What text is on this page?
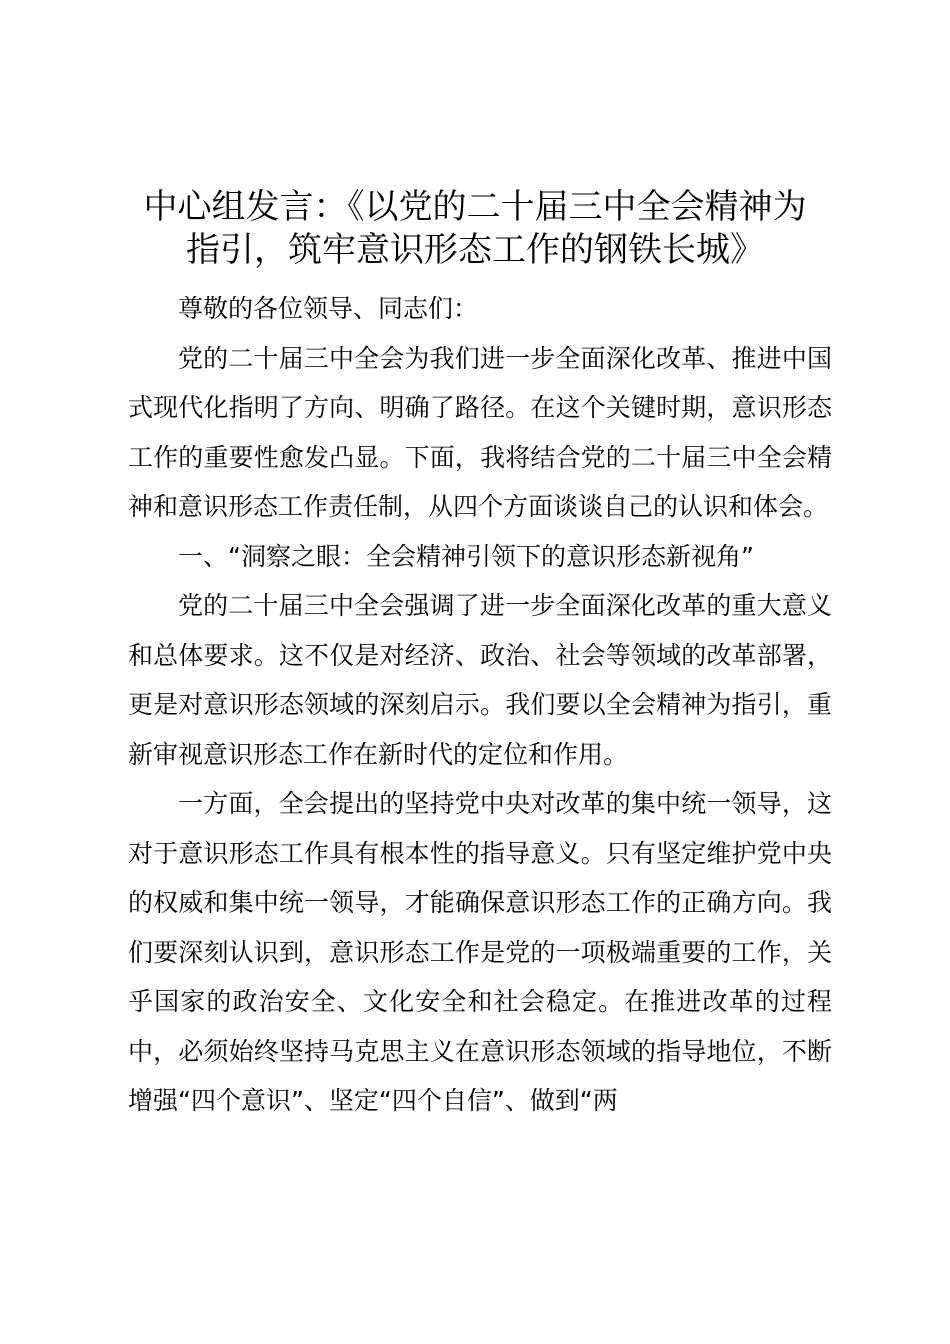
中心组发言：《以党的二十届三中全会精神为
指引，筑牢意识形态工作的钢铁长城》

尊敬的各位领导、同志们：

党的二十届三中全会为我们进一步全面深化改革、推进中国式现代化指明了方向、明确了路径。在这个关键时期，意识形态工作的重要性愈发凸显。下面，我将结合党的二十届三中全会精神和意识形态工作责任制，从四个方面谈谈自己的认识和体会。

一、“洞察之眼：全会精神引领下的意识形态新视角”

党的二十届三中全会强调了进一步全面深化改革的重大意义和总体要求。这不仅是对经济、政治、社会等领域的改革部署，更是对意识形态领域的深刻启示。我们要以全会精神为指引，重新审视意识形态工作在新时代的定位和作用。

一方面，全会提出的坚持党中央对改革的集中统一领导，这对于意识形态工作具有根本性的指导意义。只有坚定维护党中央的权威和集中统一领导，才能确保意识形态工作的正确方向。我们要深刻认识到，意识形态工作是党的一项极端重要的工作，关乎国家的政治安全、文化安全和社会稳定。在推进改革的过程中，必须始终坚持马克思主义在意识形态领域的指导地位，不断增强“四个意识”、坚定“四个自信”、做到“两
